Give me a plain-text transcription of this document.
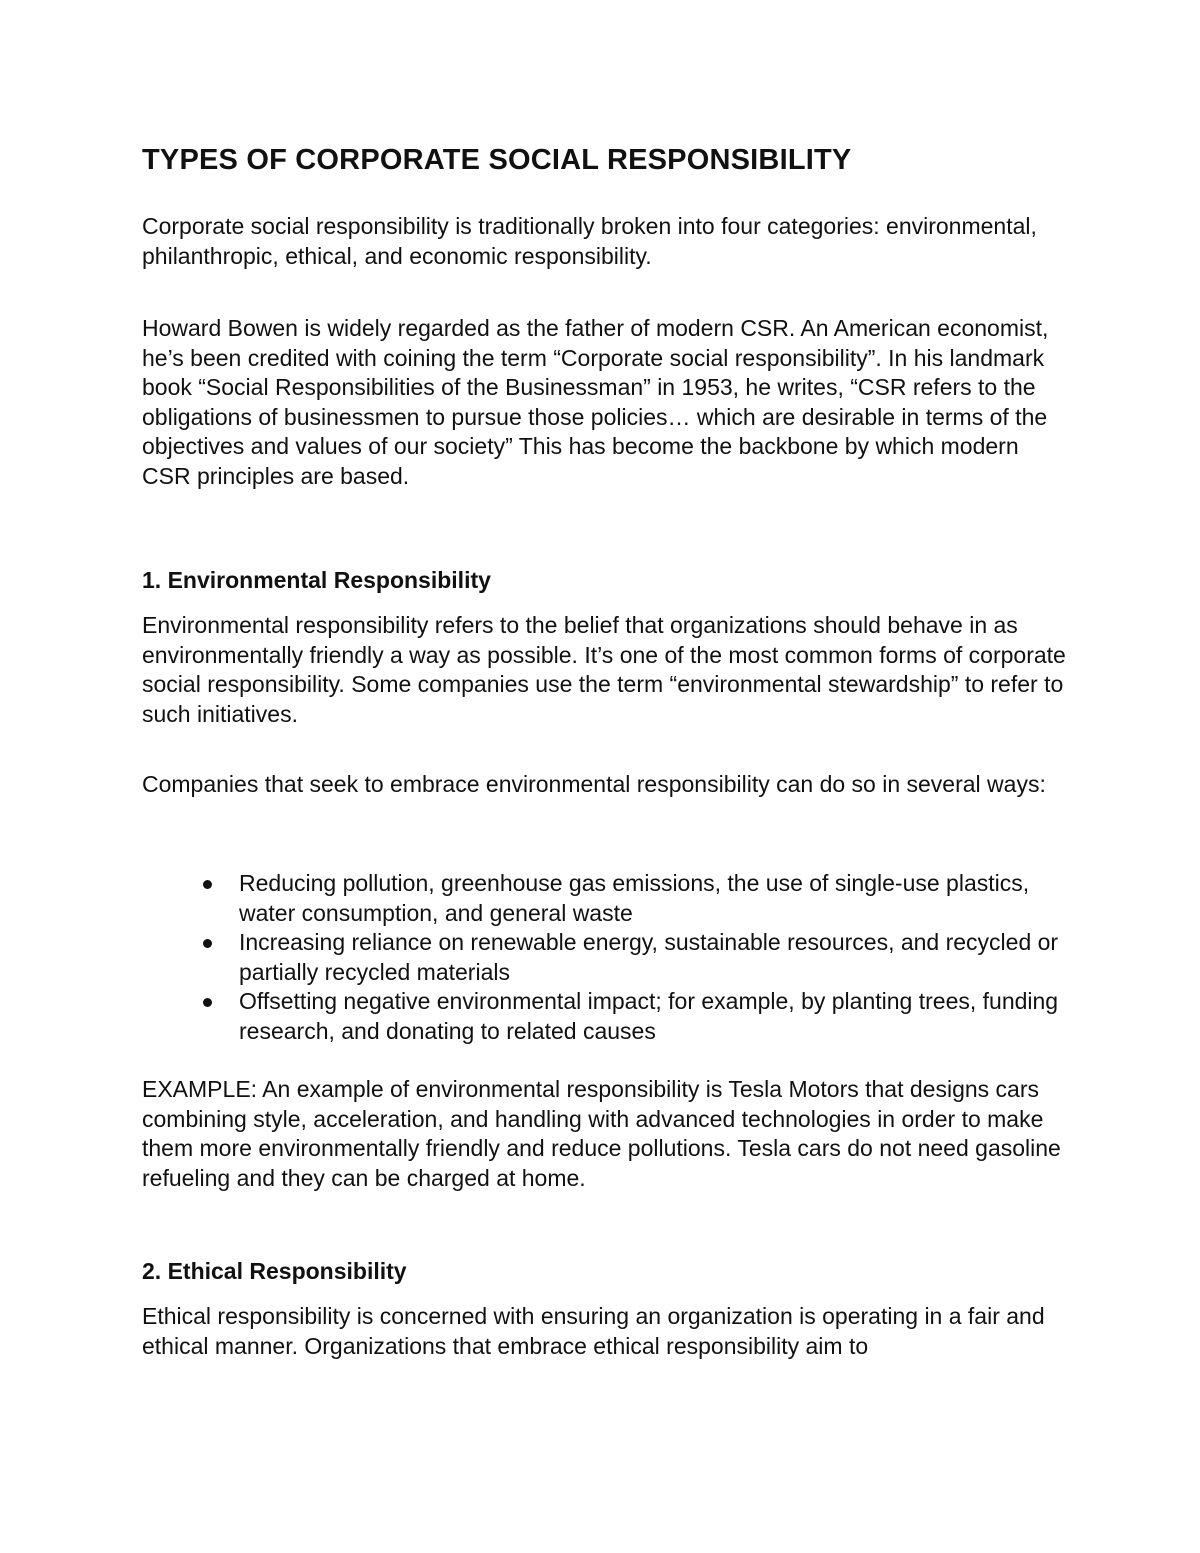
TYPES OF CORPORATE SOCIAL RESPONSIBILITY

Corporate social responsibility is traditionally broken into four categories: environmental, philanthropic, ethical, and economic responsibility.

Howard Bowen is widely regarded as the father of modern CSR. An American economist, he’s been credited with coining the term “Corporate social responsibility”. In his landmark book “Social Responsibilities of the Businessman” in 1953, he writes, “CSR refers to the obligations of businessmen to pursue those policies… which are desirable in terms of the objectives and values of our society” This has become the backbone by which modern CSR principles are based.

1. Environmental Responsibility

Environmental responsibility refers to the belief that organizations should behave in as environmentally friendly a way as possible. It’s one of the most common forms of corporate social responsibility. Some companies use the term “environmental stewardship” to refer to such initiatives.

Companies that seek to embrace environmental responsibility can do so in several ways:

Reducing pollution, greenhouse gas emissions, the use of single-use plastics, water consumption, and general waste
Increasing reliance on renewable energy, sustainable resources, and recycled or partially recycled materials
Offsetting negative environmental impact; for example, by planting trees, funding research, and donating to related causes

EXAMPLE: An example of environmental responsibility is Tesla Motors that designs cars combining style, acceleration, and handling with advanced technologies in order to make them more environmentally friendly and reduce pollutions. Tesla cars do not need gasoline refueling and they can be charged at home.

2. Ethical Responsibility

Ethical responsibility is concerned with ensuring an organization is operating in a fair and ethical manner. Organizations that embrace ethical responsibility aim to
